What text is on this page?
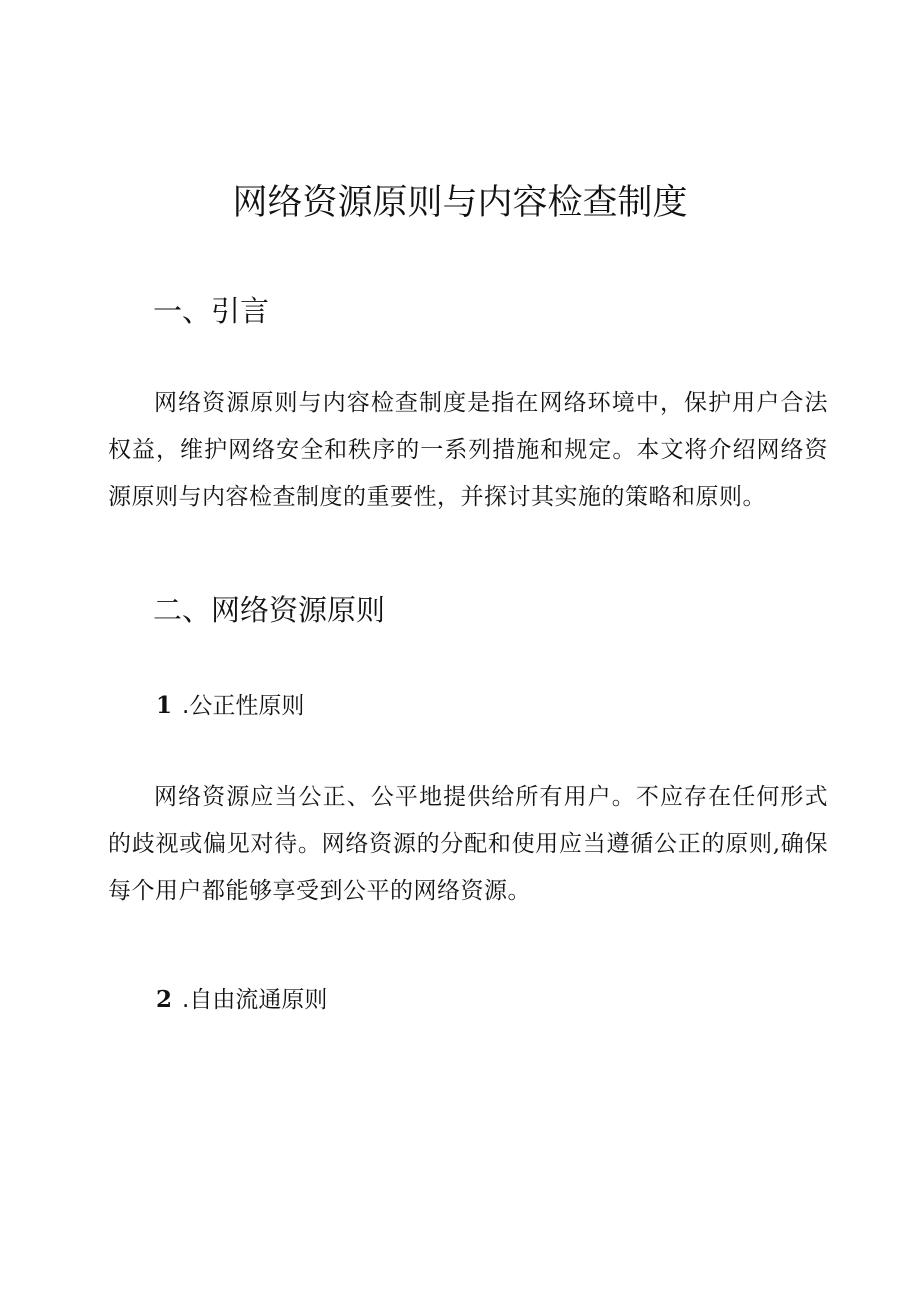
网络资源原则与内容检查制度
一、引言

网络资源原则与内容检查制度是指在网络环境中，保护用户合法权益，维护网络安全和秩序的一系列措施和规定。本文将介绍网络资源原则与内容检查制度的重要性，并探讨其实施的策略和原则。

二、网络资源原则
1 .公正性原则

网络资源应当公正、公平地提供给所有用户。不应存在任何形式的歧视或偏见对待。网络资源的分配和使用应当遵循公正的原则,确保每个用户都能够享受到公平的网络资源。

2 .自由流通原则
